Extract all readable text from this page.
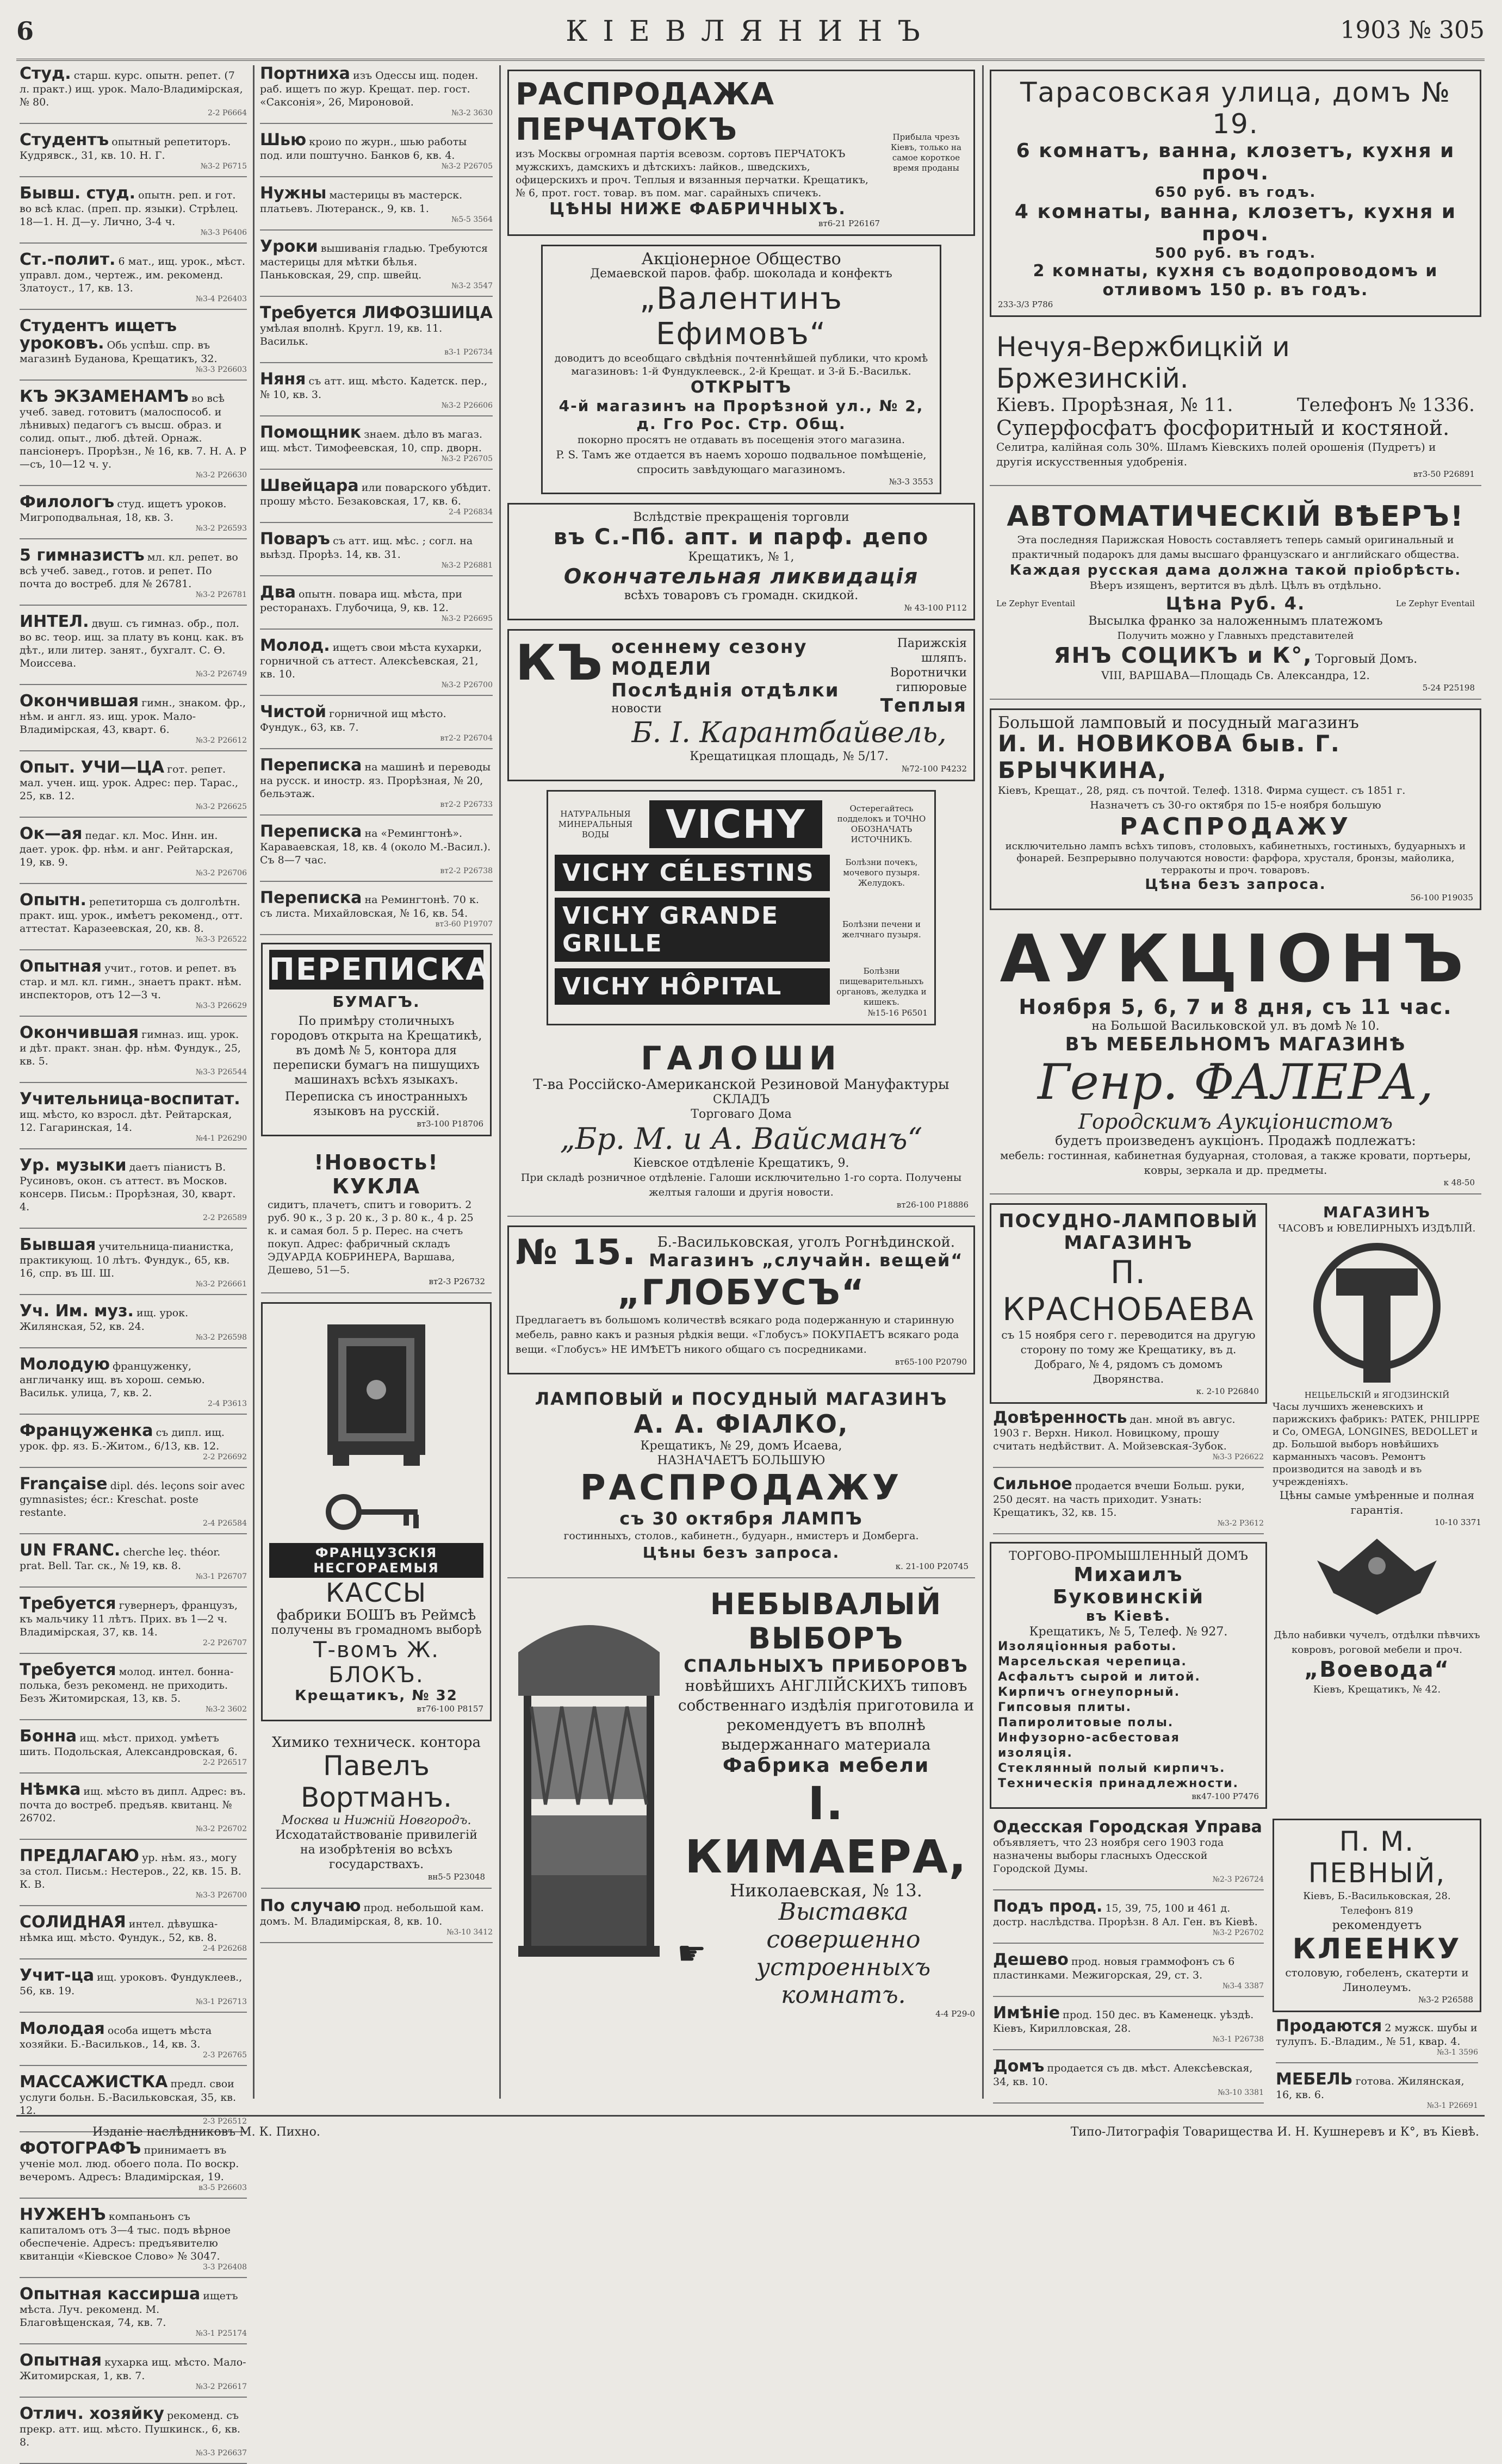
6	КІЕВЛЯНИНЪ	1903 № 305
Студ. старш. курс. опытн. репет. (7 л. практ.) ищ. урок. Мало-Владимірская, № 80.
2-2 Р6664
Студентъ опытный репетиторъ. Кудрявск., 31, кв. 10. Н. Г.
№3-2 Р6715
Бывш. студ. опытн. реп. и гот. во всѣ клас. (преп. пр. языки). Стрѣлец. 18—1. Н. Д—у. Лично, 3-4 ч.
№3-3 Р6406
Ст.-полит. 6 мат., ищ. урок., мѣст. управл. дом., чертеж., им. рекоменд. Златоуст., 17, кв. 13.
№3-4 Р26403
Студентъ ищетъ уроковъ. Обь успѣш. спр. въ магазинѣ Буданова, Крещатикъ, 32.
№3-3 Р26603
КЪ ЭКЗАМЕНАМЪ во всѣ учеб. завед. готовитъ (малоспособ. и лѣнивых) педагогъ съ высш. образ. и солид. опыт., люб. дѣтей. Орнаж. пансіонеръ. Прорѣзн., № 16, кв. 7. Н. А. Р—съ, 10—12 ч. у.
№3-2 Р26630
Филологъ студ. ищетъ уроков. Мигроподвальная, 18, кв. 3.
№3-2 Р26593
5 гимназистъ мл. кл. репет. во всѣ учеб. завед., готов. и репет. По почта до востреб. для № 26781.
№3-2 Р26781
ИНТЕЛ. двуш. съ гимназ. обр., пол. во вс. теор. ищ. за плату въ конц. как. въ дѣт., или литер. занят., бухгалт. С. Ѳ. Моиссева.
№3-2 Р26749
Окончившая гимн., знаком. фр., нѣм. и англ. яз. ищ. урок. Малo-Владимірская, 43, кварт. 6.
№3-2 Р26612
Опыт. УЧИ—ЦА гот. репет. мал. учен. ищ. урок. Адрес: пер. Тарас., 25, кв. 12.
№3-2 Р26625
Ок—ая педаг. кл. Мос. Инн. ин. дает. урок. фр. нѣм. и анг. Рейтарская, 19, кв. 9.
№3-2 Р26706
Опытн. репетиторша съ долголѣтн. практ. ищ. урок., имѣетъ рекоменд., отт. аттестат. Каразеевская, 20, кв. 8.
№3-3 Р26522
Опытная учит., готов. и репет. въ стар. и мл. кл. гимн., знаетъ практ. нѣм. инспекторов, отъ 12—3 ч.
№3-3 Р26629
Окончившая гимназ. ищ. урок. и дѣт. практ. знан. фр. нѣм. Фундук., 25, кв. 5.
№3-3 Р26544
Учительница-воспитат. ищ. мѣсто, ко взросл. дѣт. Рейтарская, 12. Гагаринская, 14.
№4-1 Р26290
Ур. музыки даетъ піанистъ В. Русиновъ, окон. съ аттест. въ Москов. консерв. Письм.: Прорѣзная, 30, кварт. 4.
2-2 Р26589
Бывшая учительница-пианистка, практикующ. 10 лѣтъ. Фундук., 65, кв. 16, спр. въ Ш. Ш.
№3-2 Р26661
Уч. Им. муз. ищ. урок. Жилянская, 52, кв. 24.
№3-2 Р26598
Молодую француженку, англичанку ищ. въ хорош. семью. Васильк. улица, 7, кв. 2.
2-4 Р3613
Француженка съ дипл. ищ. урок. фр. яз. Б.-Житом., 6/13, кв. 12.
2-2 Р26692
Française dipl. dés. leçons soir avec gymnasistes; écr.: Kreschat. poste restante.
2-4 Р26584
UN FRANC. cherche leç. théor. prat. Bell. Tar. ск., № 19, кв. 8.
№3-1 Р26707
Требуется гувернеръ, французъ, къ мальчику 11 лѣтъ. Прих. въ 1—2 ч. Владимірская, 37, кв. 14.
2-2 Р26707
Требуется молод. интел. бонна-полька, безъ рекоменд. не приходить. Безъ Житомирская, 13, кв. 5.
№3-2 3602
Бонна ищ. мѣст. приход. умѣетъ шить. Подольская, Александровская, 6.
2-2 Р26517
Нѣмка ищ. мѣсто въ дипл. Адрес: въ. почта до востреб. предъяв. квитанц. № 26702.
№3-2 Р26702
ПРЕДЛАГАЮ ур. нѣм. яз., могу за стол. Письм.: Нестеров., 22, кв. 15. В. К. В.
№3-3 Р26700
СОЛИДНАЯ интел. дѣвушка-нѣмка ищ. мѣсто. Фундук., 52, кв. 8.
2-4 Р26268
Учит-ца ищ. уроковъ. Фундуклеев., 56, кв. 19.
№3-1 Р26713
Молодая особа ищетъ мѣста хозяйки. Б.-Васильков., 14, кв. 3.
2-3 Р26765
МАССАЖИСТКА предл. свои услуги больн. Б.-Васильковская, 35, кв. 12.
2-3 Р26512
ФОТОГРАФЪ принимаетъ въ ученіе мол. люд. обоего пола. По воскр. вечеромъ. Адресъ: Владимірская, 19.
в3-5 Р26603
НУЖЕНЪ компаньонъ съ капиталомъ отъ 3—4 тыс. подъ вѣрное обеспеченіе. Адресъ: предъявителю квитанціи «Кіевское Слово» № 3047.
3-3 Р26408
Опытная кассирша ищетъ мѣста. Луч. рекоменд. М. Благовѣщенская, 74, кв. 7.
№3-1 Р25174
Опытная кухарка ищ. мѣсто. Мало-Житомирская, 1, кв. 7.
№3-2 Р26617
Отлич. хозяйку рекоменд. съ прекр. атт. ищ. мѣсто. Пушкинск., 6, кв. 8.
№3-3 Р26637
Портниха изъ Одессы ищ. поден. раб. ищетъ по жур. Крещат. пер. гост. «Саксонія», 26, Мироновой.
№3-2 3630
Шью кроио по журн., шью работы под. или поштучно. Банков 6, кв. 4.
№3-2 Р26705
Нужны мастерицы въ мастерск. платьевъ. Лютеранск., 9, кв. 1.
№5-5 3564
Уроки вышиванія гладью. Требуются мастерицы для мѣтки бѣлья. Паньковская, 29, спр. швейц.
№3-2 3547
Требуется ЛИФОЗШИЦА умѣлая вполнѣ. Кругл. 19, кв. 11. Васильк.
в3-1 Р26734
Няня съ атт. ищ. мѣсто. Кадетск. пер., № 10, кв. 3.
№3-2 Р26606
Помощник знаем. дѣло въ магаз. ищ. мѣст. Тимофеевская, 10, спр. дворн.
№3-2 Р26705
Швейцара или поварского убѣдит. прошу мѣсто. Безаковская, 17, кв. 6.
2-4 Р26834
Поваръ съ атт. ищ. мѣс. ; согл. на выѣзд. Прорѣз. 14, кв. 31.
№3-2 Р26881
Два опытн. повара ищ. мѣста, при ресторанахъ. Глубочица, 9, кв. 12.
№3-2 Р26695
Молод. ищетъ свои мѣста кухарки, горничной съ аттест. Алексѣевская, 21, кв. 10.
№3-2 Р26700
Чистой горничной ищ мѣсто. Фундук., 63, кв. 7.
вт2-2 Р26704
Переписка на машинѣ и переводы на русск. и иностр. яз. Прорѣзная, № 20, бельэтаж.
вт2-2 Р26733
Переписка на «Ремингтонѣ». Караваевская, 18, кв. 4 (около М.-Васил.). Съ 8—7 час.
вт2-2 Р26738
Переписка на Ремингтонѣ. 70 к. съ листа. Михайловская, № 16, кв. 54.
вт3-60 Р19707
ПЕРЕПИСКА
БУМАГЪ.
По примѣру столичныхъ городовъ открыта на Крещатикѣ, въ домѣ № 5, контора для переписки бумагъ на пишущихъ машинахъ всѣхъ языкахъ.
Переписка съ иностранныхъ языковъ на русскій.
вт3-100 Р18706
!Новость! КУКЛА
сидитъ, плачетъ, спитъ и говоритъ. 2 руб. 90 к., 3 р. 20 к., 3 р. 80 к., 4 р. 25 к. и самая бол. 5 р. Перес. на счетъ покуп. Адрес: фабричный складъ ЭДУАРДА КОБРИНЕРА, Варшава, Дешево, 51—5.
вт2-3 Р26732

ФРАНЦУЗСКІЯ НЕСГОРАЕМЫЯ
КАССЫ
фабрики БОШЪ въ Реймсѣ
получены въ громадномъ выборѣ
Т-вомъ Ж. БЛОКЪ.
Крещатикъ, № 32
вт76-100 Р8157
Химико техническ. контора
Павелъ Вортманъ.
Москва и Нижній Новгородъ.
Исходатайствованіе привилегій на изобрѣтенія во всѣхъ государствахъ.
вн5-5 Р23048
По случаю прод. небольшой кам. домъ. М. Владимірская, 8, кв. 10.
№3-10 3412
РАСПРОДАЖА ПЕРЧАТОКЪ
изъ Москвы огромная партія всевозм. сортовъ ПЕРЧАТОКЪ мужскихъ, дамскихъ и дѣтскихъ: лайков., шведскихъ, офицерскихъ и проч. Теплыя и вязанныя перчатки. Крещатикъ, № 6, прот. гост. товар. въ пом. маг. сарайныхъ спичекъ.
ЦѢНЫ НИЖЕ ФАБРИЧНЫХЪ.
вт6-21 Р26167
Прибыла чрезъ Кіевъ, только на самое короткое время проданы
Акціонерное Общество
Демаевской паров. фабр. шоколада и конфектъ
„Валентинъ Ефимовъ“
доводитъ до всеобщаго свѣдѣнія почтеннѣйшей публики, что кромѣ магазиновъ: 1-й Фундуклеевск., 2-й Крещат. и 3-й Б.-Васильк.
ОТКРЫТЪ
4-й магазинъ на Прорѣзной ул., № 2, д. Гго Рос. Стр. Общ.
покорно просятъ не отдавать въ посещенія этого магазина.
P. S. Тамъ же отдается въ наемъ хорошо подвальное помѣщеніе, спросить завѣдующаго магазиномъ.
№3-3 3553
Вслѣдствіе прекращенія торговли
въ С.-Пб. апт. и парф. депо
Крещатикъ, № 1,
Окончательная ликвидація
всѣхъ товаровъ съ громадн. скидкой.
№ 43-100 Р112
КЪ осеннему сезону МОДЕЛИ
Послѣднія отдѣлки
новости
Парижскія шляпъ.
Воротнички гипюровые
Теплыя
Б. І. Карантбайвель,
Крещатицкая площадь, № 5/17.
№72-100 Р4232
НАТУРАЛЬНЫЯ МИНЕРАЛЬНЫЯ ВОДЫ	VICHY	Остерегайтесь подделокъ и ТОЧНО ОБОЗНАЧАТЬ ИСТОЧНИКЪ.
VICHY CÉLESTINS	Болѣзни почекъ, мочевого пузыря. Желудокъ.
VICHY GRANDE GRILLE
Болѣзни печени и желчнаго пузыря.
VICHY HÔPITAL
Болѣзни пищеварительныхъ органовъ, желудка и кишекъ.
№15-16 Р6501
ГАЛОШИ
Т-ва Россійско-Американской Резиновой Мануфактуры
СКЛАДЪ
Торговаго Дома
„Бр. М. и А. Вайсманъ“
Кіевское отдѣленіе Крещатикъ, 9.
При складѣ розничное отдѣленіе. Галоши исключительно 1-го сорта. Получены желтыя галоши и другія новости.
вт26-100 Р18886
№ 15.	Б.-Васильковская, уголъ Рогнѣдинской.
Магазинъ „случайн. вещей“
„ГЛОБУСЪ“
Предлагаетъ въ большомъ количествѣ всякаго рода подержанную и старинную мебель, равно какъ и разныя рѣдкія вещи. «Глобусъ» ПОКУПАЕТЪ всякаго рода вещи. «Глобусъ» НЕ ИМѢЕТЪ никого общаго съ посредниками.
вт65-100 Р20790
ЛАМПОВЫЙ и ПОСУДНЫЙ МАГАЗИНЪ
А. А. ФІАЛКО,
Крещатикъ, № 29, домъ Исаева,
НАЗНАЧАЕТЪ БОЛЬШУЮ
РАСПРОДАЖУ
съ 30 октября ЛАМПЪ
гостинныхъ, столов., кабинетн., будуарн., нмистеръ и Домберга.
Цѣны безъ запроса.
к. 21-100 Р20745
НЕБЫВАЛЫЙ ВЫБОРЪ
СПАЛЬНЫХЪ ПРИБОРОВЪ
новѣйшихъ АНГЛІЙСКИХЪ типовъ собственнаго издѣлія приготовила и рекомендуетъ въ вполнѣ выдержаннаго материала
Фабрика мебели
І. КИМАЕРА,
Николаевская, № 13.
☛
Выставка совершенно устроенныхъ комнатъ.
4-4 Р29-0
Тарасовская улица, домъ № 19.
6 комнатъ, ванна, клозетъ, кухня и проч.
650 руб. въ годъ.
4 комнаты, ванна, клозетъ, кухня и проч.
500 руб. въ годъ.
2 комнаты, кухня съ водопроводомъ и отливомъ 150 р. въ годъ.
233-3/3 Р786
Нечуя-Вержбицкій и Бржезинскій.
Кіевъ. Прорѣзная, № 11.	Телефонъ № 1336.
Суперфосфатъ фосфоритный и костяной.
Селитра, калійная соль 30%. Шламъ Кіевскихъ полей орошенія (Пудретъ) и другія искусственныя удобренія.
вт3-50 Р26891
АВТОМАТИЧЕСКІЙ ВѢЕРЪ!
Эта последняя Парижская Новость составляетъ теперь самый оригинальный и практичный подарокъ для дамы высшаго французскаго и английскаго общества.
Каждая русская дама должна такой пріобрѣсть.
Вѣеръ изященъ, вертится въ дѣлѣ. Цѣлъ въ отдѣльно.
Le Zephyr Eventail	Цѣна Руб. 4.	Le Zephyr Eventail
Высылка франко за наложеннымъ платежомъ
Получить можно у Главныхъ представителей
ЯНЪ СОЦИКЪ и К°, Торговый Домъ.
VIII, ВАРШАВА—Площадь Св. Александра, 12.
5-24 Р25198
Большой ламповый и посудный магазинъ
И. И. НОВИКОВА быв. Г. БРЫЧКИНА,
Кіевъ, Крещат., 28, ряд. съ почтой. Телеф. 1318. Фирма сущест. съ 1851 г.
Назначетъ съ 30-го октября по 15-е ноября большую
РАСПРОДАЖУ
исключительно лампъ всѣхъ типовъ, столовыхъ, кабинетныхъ, гостиныхъ, будуарныхъ и фонарей. Безпрерывно получаются новости: фарфора, хрусталя, бронзы, майолика, терракоты и проч. товаровъ.
Цѣна безъ запроса.
56-100 Р19035
АУКЦІОНЪ
Ноября 5, 6, 7 и 8 дня, съ 11 час.
на Большой Васильковской ул. въ домѣ № 10.
ВЪ МЕБЕЛЬНОМЪ МАГАЗИНѢ
Генр. ФАЛЕРА,
Городскимъ Аукціонистомъ
будетъ произведенъ аукціонъ. Продажѣ подлежатъ:
мебель: гостинная, кабинетная будуарная, столовая, а также кровати, портьеры, ковры, зеркала и др. предметы.
к 48-50
ПОСУДНО-ЛАМПОВЫЙ МАГАЗИНЪ
П. КРАСНОБАЕВА
съ 15 ноября сего г. переводится на другую сторону по тому же Крещатику, въ д. Добраго, № 4, рядомъ съ домомъ Дворянства.
к. 2-10 Р26840
Довѣренность дан. мной въ авгус. 1903 г. Верхн. Никол. Новицкому, прошу считать недѣйствит. А. Мойзевская-Зубок.
№3-3 Р26622
Сильное продается вчеши Больш. руки, 250 десят. на часть приходит. Узнать: Крещатикъ, 32, кв. 15.
№3-2 Р3612
ТОРГОВО-ПРОМЫШЛЕННЫЙ ДОМЪ
Михаилъ Буковинскій
въ Кіевѣ.
Крещатикъ, № 5, Телеф. № 927.
Изоляціонныя работы.
Марсельская черепица.
Асфальтъ сырой и литой.
Кирпичъ огнеупорный.
Гипсовыя плиты.
Папиролитовые полы.
Инфузорно-асбестовая изоляція.
Стеклянный полый кирпичъ.
Техническія принадлежности.
вк47-100 Р7476
МАГАЗИНЪ
ЧАСОВЪ и ЮВЕЛИРНЫХЪ ИЗДѢЛІЙ.
НЕЦЬЕЛЬСКІЙ и ЯГОДЗИНСКІЙ
Часы лучшихъ женевскихъ и парижскихъ фабрикъ: PATEK, PHILIPPE и Co, OMEGA, LONGINES, BEDOLLET и др. Большой выборъ новѣйшихъ карманныхъ часовъ. Ремонтъ производится на заводѣ и въ учрежденіяхъ.
Цѣны самые умѣренные и полная гарантія.
10-10 3371
Дѣло набивки чучелъ, отдѣлки пѣвчихъ ковровъ, роговой мебели и проч.
„Воевода“
Кіевъ, Крещатикъ, № 42.
Одесская Городская Управа объявляетъ, что 23 ноября сего 1903 года назначены выборы гласныхъ Одесской Городской Думы.
№2-3 Р26724
Подъ прод. 15, 39, 75, 100 и 461 д. достр. наслѣдства. Прорѣзн. 8 Ал. Ген. въ Кіевѣ.
№3-2 Р26702
Дешево прод. новыя граммофонъ съ 6 пластинками. Межигорская, 29, ст. 3.
№3-4 3387
Имѣніе прод. 150 дес. въ Каменецк. уѣздѣ. Кіевъ, Кирилловская, 28.
№3-1 Р26738
Домъ продается съ дв. мѣст. Алексѣевская, 34, кв. 10.
№3-10 3381
П. М. ПЕВНЫЙ,
Кіевъ, Б.-Васильковская, 28. Телефонъ 819
рекомендуетъ
КЛЕЕНКУ
столовую, гобеленъ, скатерти и Линолеумъ.
№3-2 Р26588
Продаются 2 мужск. шубы и тулупъ. Б.-Владим., № 51, квар. 4.
№3-1 3596
МЕБЕЛЬ готова. Жилянская, 16, кв. 6.
№3-1 Р26691
Изданіе наслѣдниковъ М. К. Пихно.	Типо-Литографія Товарищества И. Н. Кушнеревъ и К°, въ Кіевѣ.
